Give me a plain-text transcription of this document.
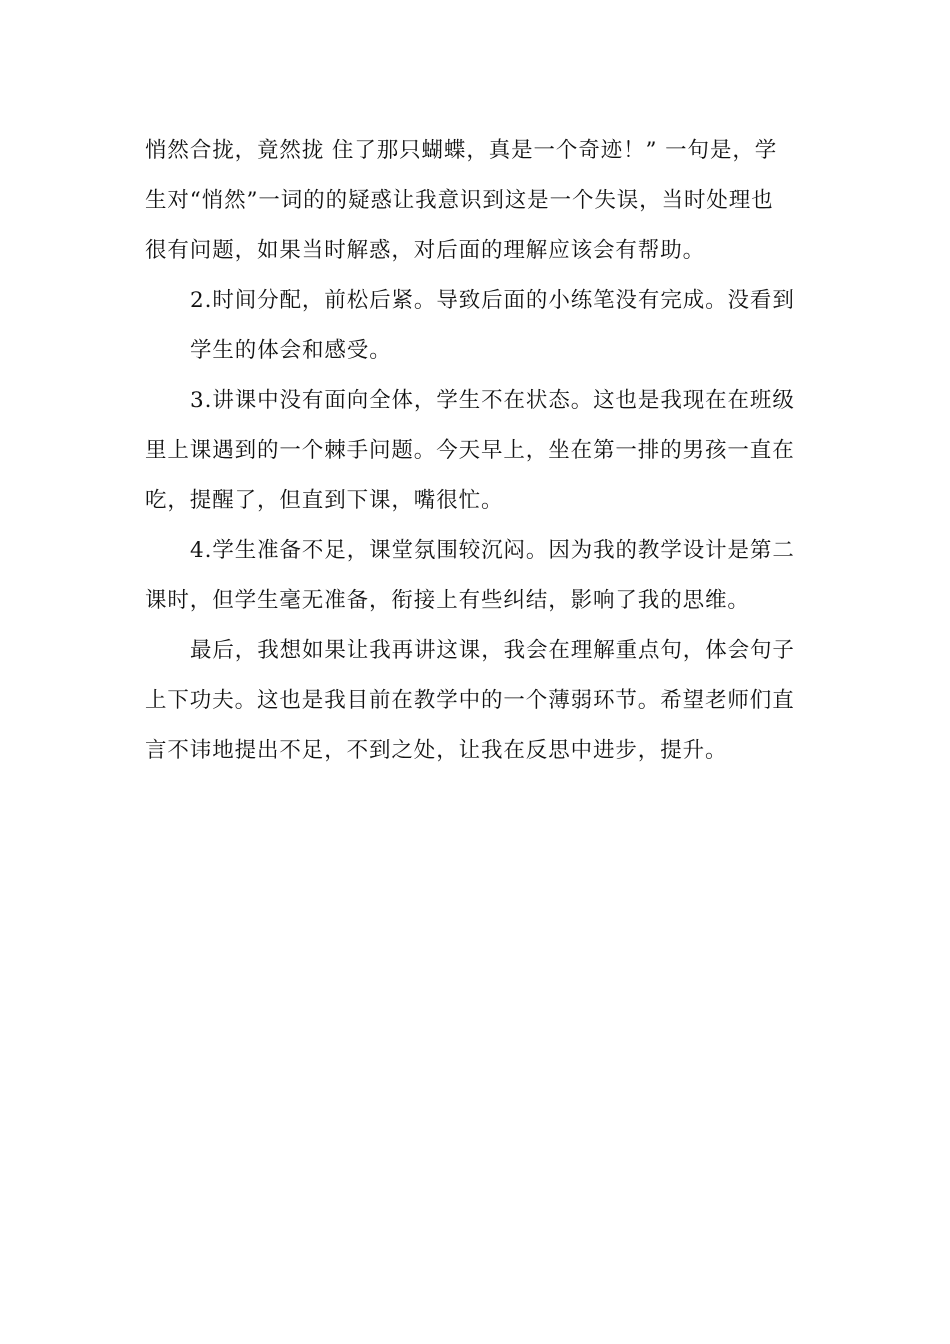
悄然合拢，竟然拢 住了那只蝴蝶，真是一个奇迹！” 一句是，学
生对“悄然”一词的的疑惑让我意识到这是一个失误，当时处理也
很有问题，如果当时解惑，对后面的理解应该会有帮助。
2.时间分配，前松后紧。导致后面的小练笔没有完成。没看到
学生的体会和感受。
3.讲课中没有面向全体，学生不在状态。这也是我现在在班级
里上课遇到的一个棘手问题。今天早上，坐在第一排的男孩一直在
吃，提醒了，但直到下课，嘴很忙。
4.学生准备不足，课堂氛围较沉闷。因为我的教学设计是第二
课时，但学生毫无准备，衔接上有些纠结，影响了我的思维。
最后，我想如果让我再讲这课，我会在理解重点句，体会句子
上下功夫。这也是我目前在教学中的一个薄弱环节。希望老师们直
言不讳地提出不足，不到之处，让我在反思中进步，提升。
